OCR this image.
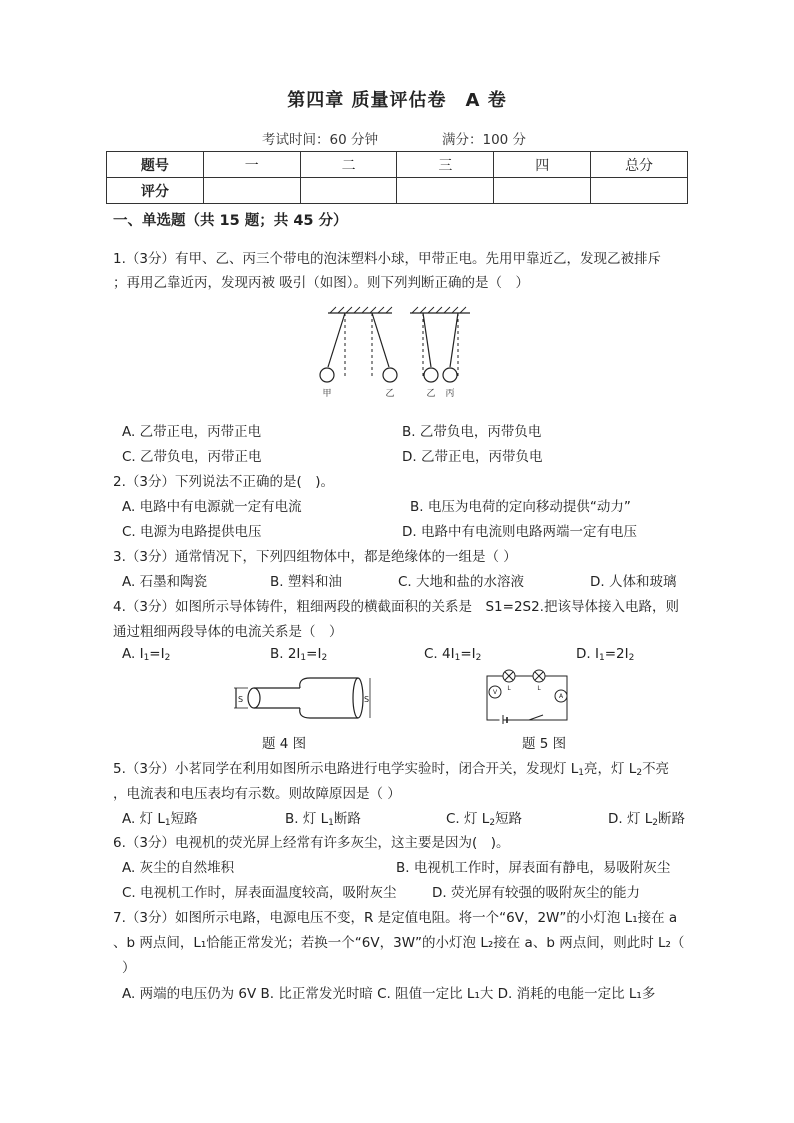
第四章 质量评估卷　A 卷
考试时间：60 分钟	满分：100 分
题号	一	二	三	四	总分
评分					
一、单选题（共 15 题；共 45 分）
1.（3分）有甲、乙、丙三个带电的泡沫塑料小球，甲带正电。先用甲靠近乙，发现乙被排斥
；再用乙靠近丙，发现丙被 吸引（如图）。则下列判断正确的是（　）
甲	乙	乙 丙
A. 乙带正电，丙带正电	B. 乙带负电，丙带负电
C. 乙带负电，丙带正电	D. 乙带正电，丙带负电
2.（3分）下列说法不正确的是(　)。
A. 电路中有电源就一定有电流	B. 电压为电荷的定向移动提供“动力”
C. 电源为电路提供电压	D. 电路中有电流则电路两端一定有电压
3.（3分）通常情况下，下列四组物体中，都是绝缘体的一组是（ ）
A. 石墨和陶瓷	B. 塑料和油	C. 大地和盐的水溶液	D. 人体和玻璃
4.（3分）如图所示导体铸件，粗细两段的横截面积的关系是　S1=2S2.把该导体接入电路，则
通过粗细两段导体的电流关系是（　）
A. $I_1=I_2$	B. $2I_1=I_2$	C. $4I_1=I_2$	D. $I_1=2I_2$
S	S
V
A
L	L
题 4 图	题 5 图
5.（3分）小茗同学在利用如图所示电路进行电学实验时，闭合开关，发现灯 $L_1$亮，灯 $L_2$不亮
，电流表和电压表均有示数。则故障原因是（ ）
A. 灯 $L_1$短路	B. 灯 $L_1$断路	C. 灯 $L_2$短路	D. 灯 $L_2$断路
6.（3分）电视机的荧光屏上经常有许多灰尘，这主要是因为(　)。
A. 灰尘的自然堆积	B. 电视机工作时，屏表面有静电，易吸附灰尘
C. 电视机工作时，屏表面温度较高，吸附灰尘	D. 荧光屏有较强的吸附灰尘的能力
7.（3分）如图所示电路，电源电压不变，R 是定值电阻。将一个“6V，2W”的小灯泡 L₁接在 a
、b 两点间，L₁恰能正常发光；若换一个“6V，3W”的小灯泡 L₂接在 a、b 两点间，则此时 L₂（
）
A. 两端的电压仍为 6V B. 比正常发光时暗 C. 阻值一定比 L₁大 D. 消耗的电能一定比 L₁多
